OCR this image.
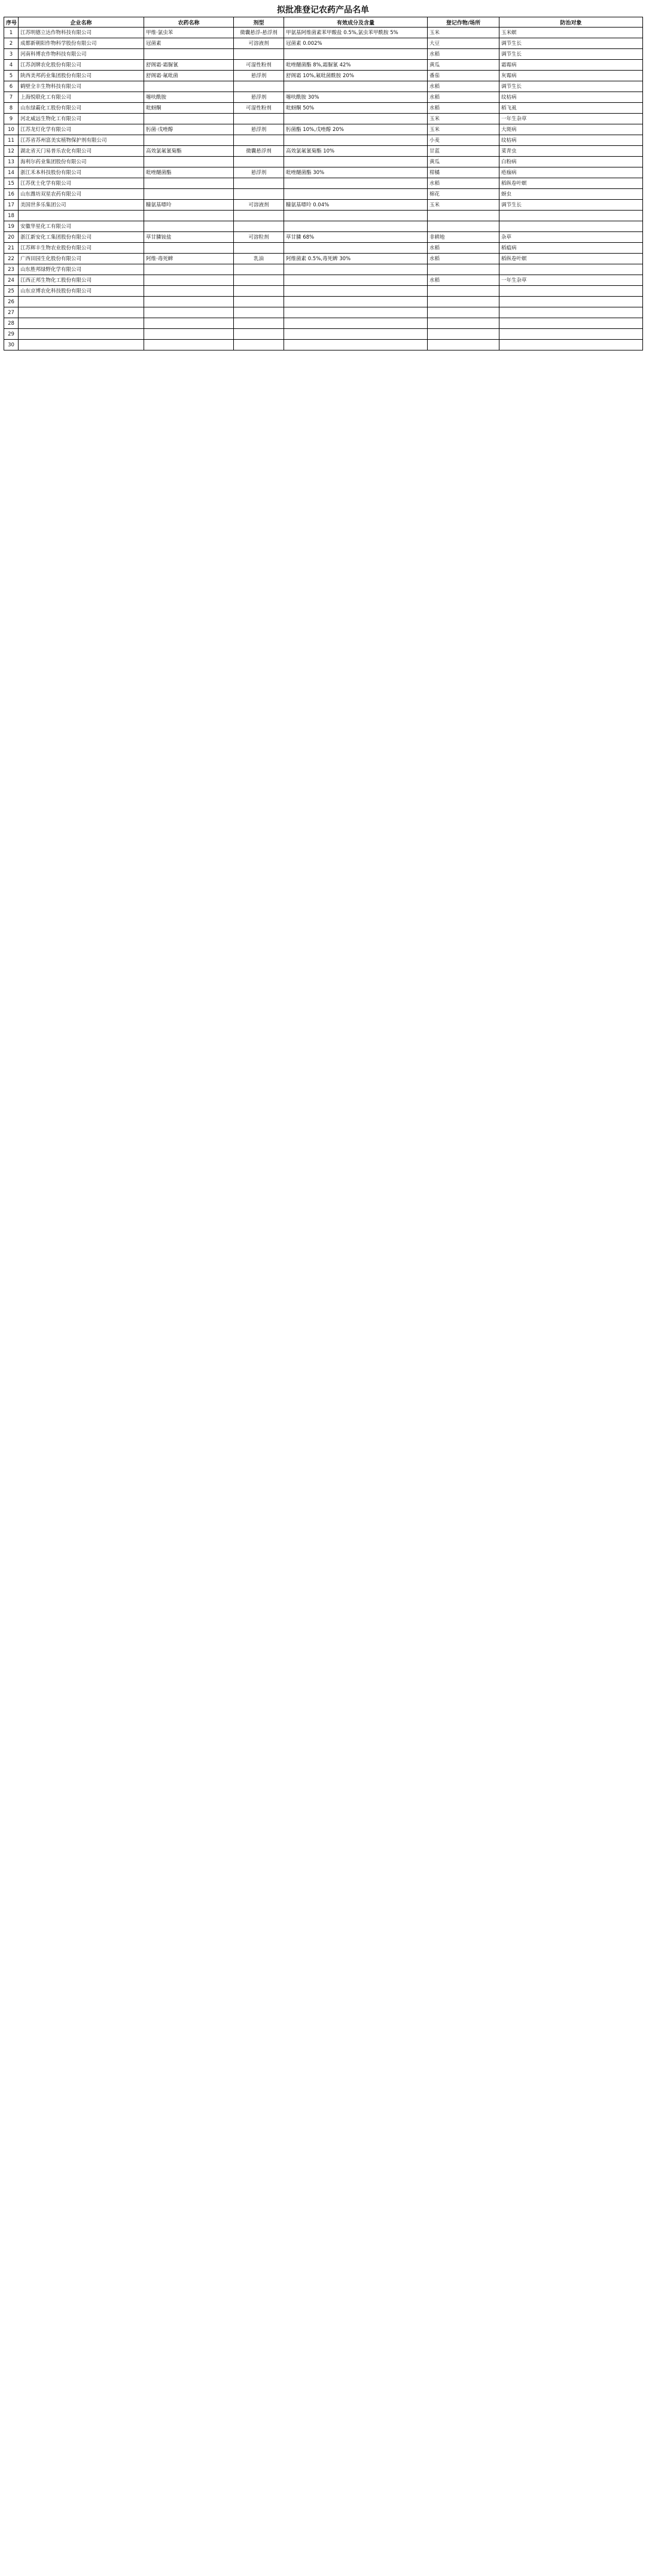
拟批准登记农药产品名单
序号	企业名称	农药名称	剂型	有效成分及含量	登记作物/场所	防治对象
1	江苏明德立达作物科技有限公司	甲维·氯虫苯	微囊悬浮-悬浮剂	甲氨基阿维菌素苯甲酸盐 0.5%,氯虫苯甲酰胺 5%	玉米	玉米螟
2	成都新朝阳作物科学股份有限公司	冠菌素	可溶液剂	冠菌素 0.002%	大豆	调节生长
3	河南科博农作物科技有限公司				水稻	调节生长
4	江苏剑牌农化股份有限公司	舒阁霜·霜脲氰	可湿性粉剂	吡唑醚菌酯 8%,霜脲氰 42%	黄瓜	霜霉病
5	陕西美邦药业集团股份有限公司	舒阁霜·氟吡菌	悬浮剂	舒阁霜 10%,氟吡菌酰胺 20%	番茄	灰霉病
6	鹤壁全丰生物科技有限公司				水稻	调节生长
7	上海悦联化工有限公司	噻呋酰胺	悬浮剂	噻呋酰胺 30%	水稻	纹枯病
8	山东绿霸化工股份有限公司	吡蚜酮	可湿性粉剂	吡蚜酮 50%	水稻	稻飞虱
9	河北威远生物化工有限公司				玉米	一年生杂草
10	江苏龙灯化学有限公司	肟菌·戊唑醇	悬浮剂	肟菌酯 10%,戊唑醇 20%	玉米	大斑病
11	江苏省苏州富美实植物保护剂有限公司				小麦	纹枯病
12	湖北省天门易普乐农化有限公司	高效氯氟氰菊酯	微囊悬浮剂	高效氯氟氰菊酯 10%	甘蓝	菜青虫
13	海利尔药业集团股份有限公司				黄瓜	白粉病
14	浙江禾本科技股份有限公司	吡唑醚菌酯	悬浮剂	吡唑醚菌酯 30%	柑橘	疮痂病
15	江苏优士化学有限公司				水稻	稻纵卷叶螟
16	山东潍坊双星农药有限公司				棉花	蚜虫
17	美国世多乐集团公司	糠氨基嘌呤	可溶液剂	糠氨基嘌呤 0.04%	玉米	调节生长
18						
19	安徽华星化工有限公司					
20	浙江新安化工集团股份有限公司	草甘膦铵盐	可溶粒剂	草甘膦 68%	非耕地	杂草
21	江苏辉丰生物农业股份有限公司				水稻	稻瘟病
22	广西田园生化股份有限公司	阿维·毒死蜱	乳油	阿维菌素 0.5%,毒死蜱 30%	水稻	稻纵卷叶螟
23	山东胜邦绿野化学有限公司					
24	江西正邦生物化工股份有限公司				水稻	一年生杂草
25	山东京博农化科技股份有限公司					
26						
27						
28						
29						
30						
